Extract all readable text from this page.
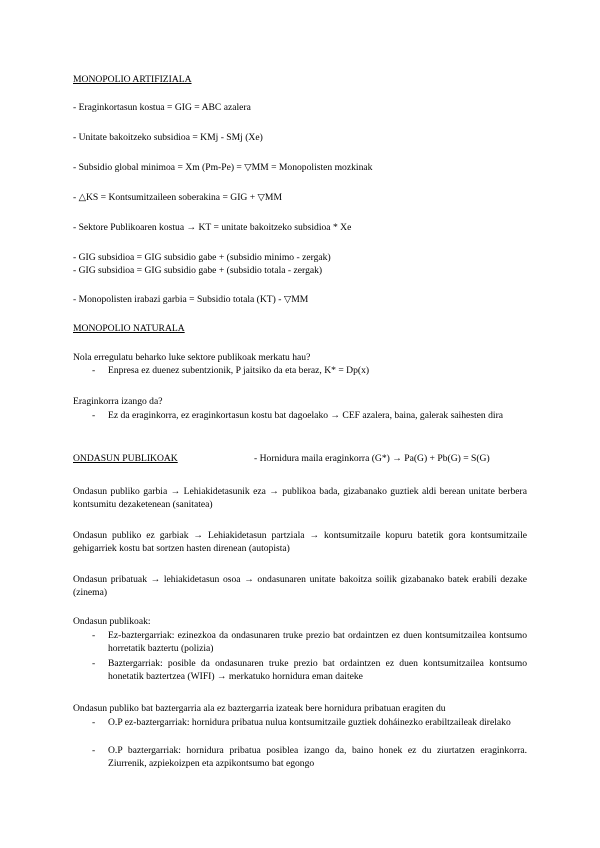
MONOPOLIO ARTIFIZIALA
- Eraginkortasun kostua = GIG = ABC azalera
- Unitate bakoitzeko subsidioa = KMj - SMj (Xe)
- Subsidio global minimoa = Xm (Pm-Pe) = ▽MM = Monopolisten mozkinak
- △KS = Kontsumitzaileen soberakina = GIG + ▽MM
- Sektore Publikoaren kostua → KT = unitate bakoitzeko subsidioa * Xe
- GIG subsidioa = GIG subsidio gabe + (subsidio minimo - zergak)
- GIG subsidioa = GIG subsidio gabe + (subsidio totala - zergak)
- Monopolisten irabazi garbia = Subsidio totala (KT) - ▽MM
MONOPOLIO NATURALA
Nola erregulatu beharko luke sektore publikoak merkatu hau?
- Enpresa ez duenez subentzionik, P jaitsiko da eta beraz, K* = Dp(x)
Eraginkorra izango da?
- Ez da eraginkorra, ez eraginkortasun kostu bat dagoelako → CEF azalera, baina, galerak saihesten dira
ONDASUN PUBLIKOAK	- Hornidura maila eraginkorra (G*) → Pa(G) + Pb(G) = S(G)
Ondasun publiko garbia → Lehiakidetasunik eza → publikoa bada, gizabanako guztiek aldi berean unitate berbera kontsumitu dezaketenean (sanitatea)
Ondasun publiko ez garbiak → Lehiakidetasun partziala → kontsumitzaile kopuru batetik gora kontsumitzaile gehigarriek kostu bat sortzen hasten direnean (autopista)
Ondasun pribatuak → lehiakidetasun osoa → ondasunaren unitate bakoitza soilik gizabanako batek erabili dezake (zinema)
Ondasun publikoak:
- Ez-baztergarriak: ezinezkoa da ondasunaren truke prezio bat ordaintzen ez duen kontsumitzailea kontsumo horretatik baztertu (polizia)
- Baztergarriak: posible da ondasunaren truke prezio bat ordaintzen ez duen kontsumitzailea kontsumo honetatik baztertzea (WIFI) → merkatuko hornidura eman daiteke
Ondasun publiko bat baztergarria ala ez baztergarria izateak bere hornidura pribatuan eragiten du
- O.P ez-baztergarriak: hornidura pribatua nulua kontsumitzaile guztiek doháinezko erabiltzaileak direlako
- O.P baztergarriak: hornidura pribatua posiblea izango da, baino honek ez du ziurtatzen eraginkorra. Ziurrenik, azpiekoizpen eta azpikontsumo bat egongo
